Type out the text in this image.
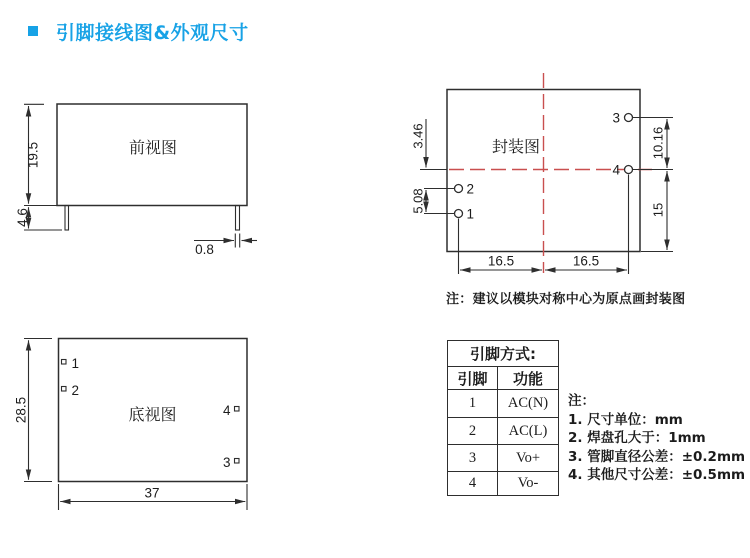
引脚接线图&外观尺寸
前视图
19.5
4.6
0.8
封装图
3
4
2
1
3.46
5.08
10.16
15
16.5	16.5
底视图
28.5
37
1
2
4
3
注：建议以模块对称中心为原点画封装图
引脚方式:	
引脚	功能
1	AC(N)
2	AC(L)
3	Vo+
4	Vo-
注：
1. 尺寸单位：mm
2. 焊盘孔大于：1mm
3. 管脚直径公差：±0.2mm
4. 其他尺寸公差：±0.5mm
